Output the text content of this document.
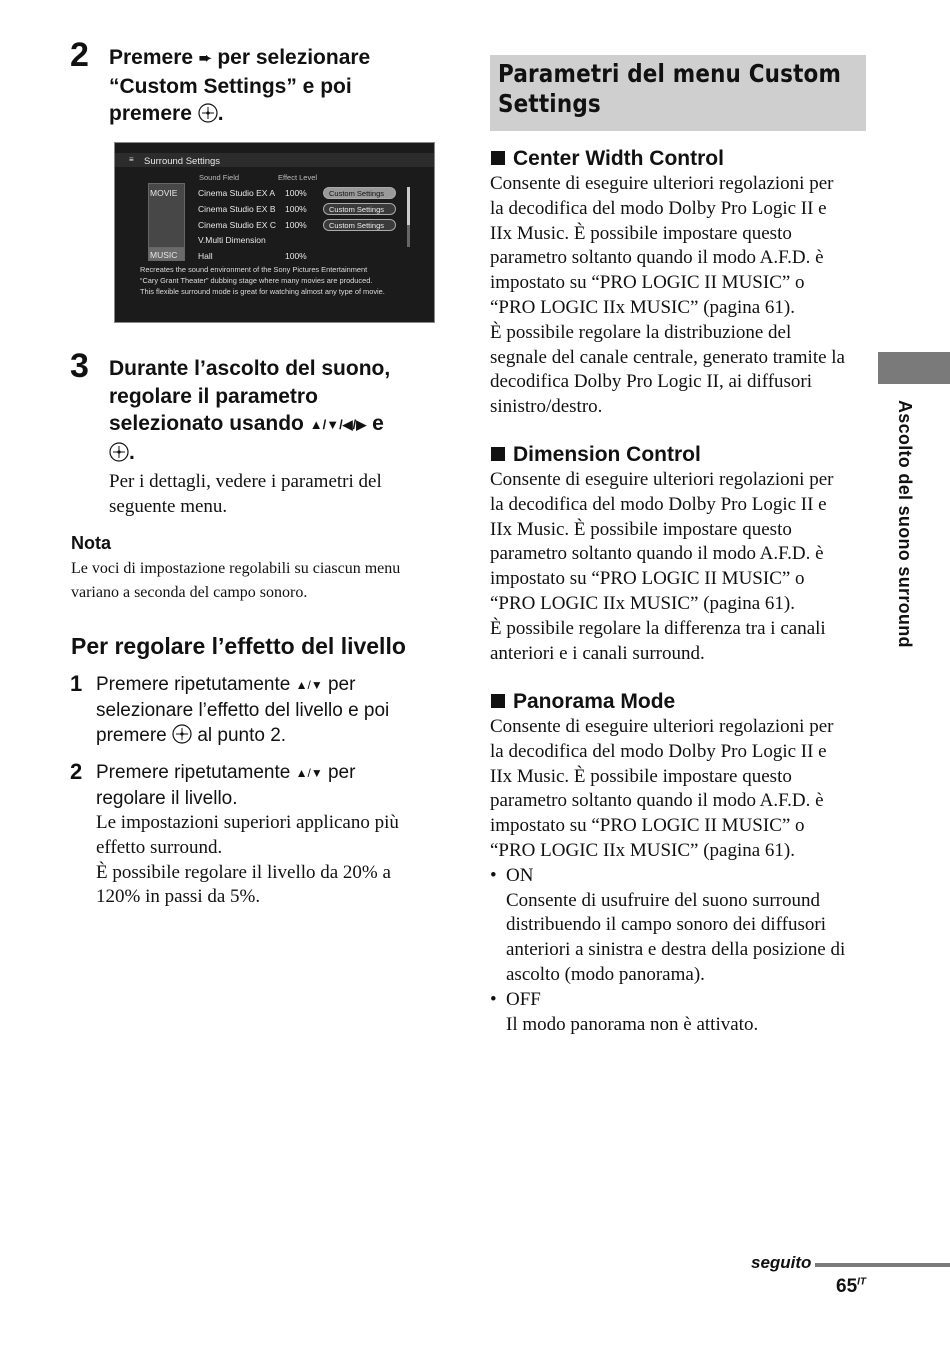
2 Premere ➨ per selezionare
“Custom Settings” e poi
premere .
≡ Surround Settings
Sound Field	Effect Level
MOVIE
MUSIC
Cinema Studio EX A 100%	Custom Settings
Cinema Studio EX B 100%	Custom Settings
Cinema Studio EX C 100%	Custom Settings
V.Multi Dimension
Hall	100%
Recreates the sound environment of the Sony Pictures Entertainment
“Cary Grant Theater” dubbing stage where many movies are produced.
This flexible surround mode is great for watching almost any type of movie.
3 Durante l’ascolto del suono,
regolare il parametro
selezionato usando ▲/▼/◀/▶ e
.
Per i dettagli, vedere i parametri del
seguente menu.
Nota
Le voci di impostazione regolabili su ciascun menu
variano a seconda del campo sonoro.
Per regolare l’effetto del livello
1 Premere ripetutamente ▲/▼ per
selezionare l’effetto del livello e poi
premere al punto 2.
2 Premere ripetutamente ▲/▼ per
regolare il livello.
Le impostazioni superiori applicano più
effetto surround.
È possibile regolare il livello da 20% a
120% in passi da 5%.
Parametri del menu Custom
Settings
Center Width Control
Consente di eseguire ulteriori regolazioni per
la decodifica del modo Dolby Pro Logic II e
IIx Music. È possibile impostare questo
parametro soltanto quando il modo A.F.D. è
impostato su “PRO LOGIC II MUSIC” o
“PRO LOGIC IIx MUSIC” (pagina 61).
È possibile regolare la distribuzione del
segnale del canale centrale, generato tramite la
decodifica Dolby Pro Logic II, ai diffusori
sinistro/destro.
Dimension Control
Consente di eseguire ulteriori regolazioni per
la decodifica del modo Dolby Pro Logic II e
IIx Music. È possibile impostare questo
parametro soltanto quando il modo A.F.D. è
impostato su “PRO LOGIC II MUSIC” o
“PRO LOGIC IIx MUSIC” (pagina 61).
È possibile regolare la differenza tra i canali
anteriori e i canali surround.
Panorama Mode
Consente di eseguire ulteriori regolazioni per
la decodifica del modo Dolby Pro Logic II e
IIx Music. È possibile impostare questo
parametro soltanto quando il modo A.F.D. è
impostato su “PRO LOGIC II MUSIC” o
“PRO LOGIC IIx MUSIC” (pagina 61).
• ON
Consente di usufruire del suono surround
distribuendo il campo sonoro dei diffusori
anteriori a sinistra e destra della posizione di
ascolto (modo panorama).
• OFF
Il modo panorama non è attivato.
Ascolto del suono surround
seguito
$65^{IT}$
